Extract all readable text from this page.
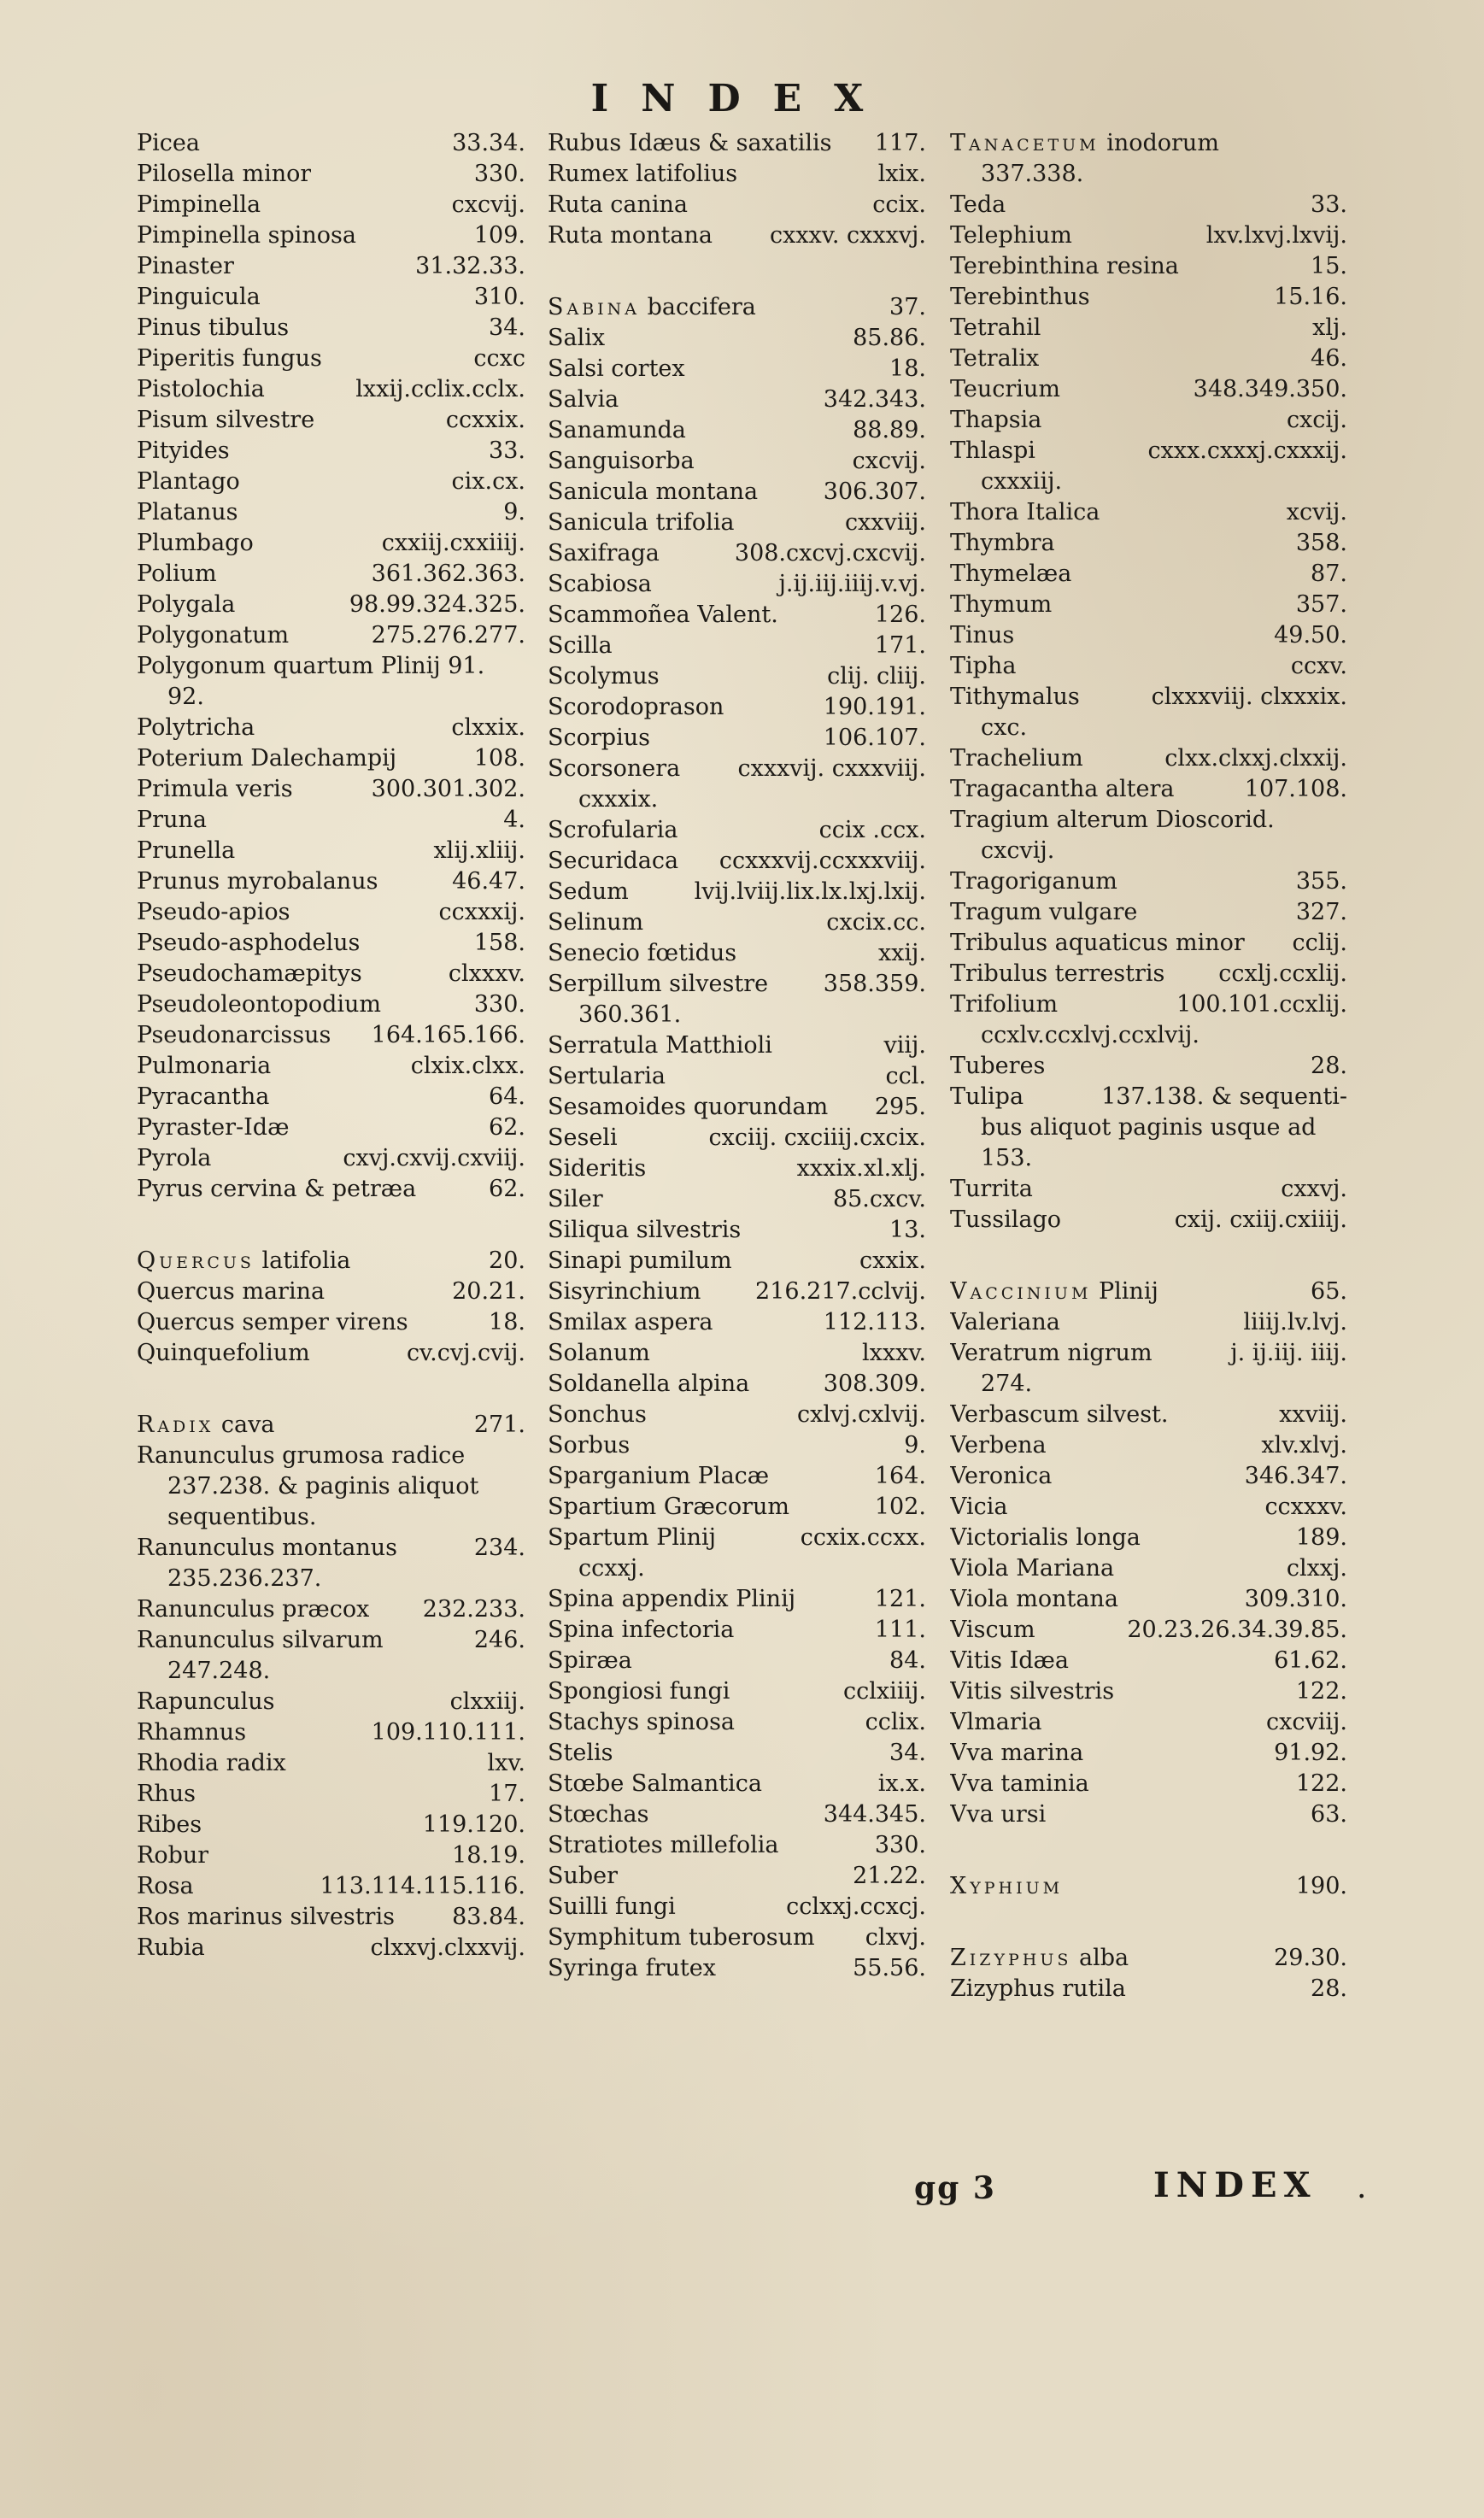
INDEX
Picea	33.34.
Pilosella minor	330.
Pimpinella	cxcvij.
Pimpinella spinosa	109.
Pinaster	31.32.33.
Pinguicula	310.
Pinus tibulus	34.
Piperitis fungus	ccxc
Pistolochia	lxxij.cclix.cclx.
Pisum silvestre	ccxxix.
Pityides	33.
Plantago	cix.cx.
Platanus	9.
Plumbago	cxxiij.cxxiiij.
Polium	361.362.363.
Polygala	98.99.324.325.
Polygonatum	275.276.277.
Polygonum quartum Plinij 91.
92.
Polytricha	clxxix.
Poterium Dalechampij	108.
Primula veris	300.301.302.
Pruna	4.
Prunella	xlij.xliij.
Prunus myrobalanus	46.47.
Pseudo-apios	ccxxxij.
Pseudo-asphodelus	158.
Pseudochamæpitys	clxxxv.
Pseudoleontopodium	330.
Pseudonarcissus 164.165.166.
Pulmonaria	clxix.clxx.
Pyracantha	64.
Pyraster-Idæ	62.
Pyrola	cxvj.cxvij.cxviij.
Pyrus cervina & petræa	62.
Quercus latifolia	20.
Quercus marina	20.21.
Quercus semper virens	18.
Quinquefolium	cv.cvj.cvij.
Radix cava	271.
Ranunculus grumosa radice
237.238. & paginis aliquot
sequentibus.
Ranunculus montanus	234.
235.236.237.
Ranunculus præcox 232.233.
Ranunculus silvarum	246.
247.248.
Rapunculus	clxxiij.
Rhamnus	109.110.111.
Rhodia radix	lxv.
Rhus	17.
Ribes	119.120.
Robur	18.19.
Rosa	113.114.115.116.
Ros marinus silvestris 83.84.
Rubia	clxxvj.clxxvij.
Rubus Idæus & saxatilis 117.
Rumex latifolius	lxix.
Ruta canina	ccix.
Ruta montana cxxxv. cxxxvj.
Sabina baccifera	37.
Salix	85.86.
Salsi cortex	18.
Salvia	342.343.
Sanamunda	88.89.
Sanguisorba	cxcvij.
Sanicula montana	306.307.
Sanicula trifolia	cxxviij.
Saxifraga	308.cxcvj.cxcvij.
Scabiosa	j.ij.iij.iiij.v.vj.
Scammoñea Valent.	126.
Scilla	171.
Scolymus	clij. cliij.
Scorodoprason	190.191.
Scorpius	106.107.
Scorsonera cxxxvij. cxxxviij.
cxxxix.
Scrofularia	ccix .ccx.
Securidaca ccxxxvij.ccxxxviij.
Sedum	lvij.lviij.lix.lx.lxj.lxij.
Selinum	cxcix.cc.
Senecio fœtidus	xxij.
Serpillum silvestre 358.359.
360.361.
Serratula Matthioli	viij.
Sertularia	ccl.
Sesamoides quorundam 295.
Seseli	cxciij. cxciiij.cxcix.
Sideritis	xxxix.xl.xlj.
Siler	85.cxcv.
Siliqua silvestris	13.
Sinapi pumilum	cxxix.
Sisyrinchium 216.217.cclvij.
Smilax aspera	112.113.
Solanum	lxxxv.
Soldanella alpina	308.309.
Sonchus	cxlvj.cxlvij.
Sorbus	9.
Sparganium Placæ	164.
Spartium Græcorum	102.
Spartum Plinij	ccxix.ccxx.
ccxxj.
Spina appendix Plinij	121.
Spina infectoria	111.
Spiræa	84.
Spongiosi fungi	cclxiiij.
Stachys spinosa	cclix.
Stelis	34.
Stœbe Salmantica	ix.x.
Stœchas	344.345.
Stratiotes millefolia	330.
Suber	21.22.
Suilli fungi	cclxxj.ccxcj.
Symphitum tuberosum clxvj.
Syringa frutex	55.56.
Tanacetum inodorum
337.338.
Teda	33.
Telephium	lxv.lxvj.lxvij.
Terebinthina resina	15.
Terebinthus	15.16.
Tetrahil	xlj.
Tetralix	46.
Teucrium	348.349.350.
Thapsia	cxcij.
Thlaspi	cxxx.cxxxj.cxxxij.
cxxxiij.
Thora Italica	xcvij.
Thymbra	358.
Thymelæa	87.
Thymum	357.
Tinus	49.50.
Tipha	ccxv.
Tithymalus	clxxxviij. clxxxix.
cxc.
Trachelium	clxx.clxxj.clxxij.
Tragacantha altera	107.108.
Tragium alterum Dioscorid.
cxcvij.
Tragoriganum	355.
Tragum vulgare	327.
Tribulus aquaticus minor cclij.
Tribulus terrestris ccxlj.ccxlij.
Trifolium	100.101.ccxlij.
ccxlv.ccxlvj.ccxlvij.
Tuberes	28.
Tulipa	137.138. & sequenti-
bus aliquot paginis usque ad
153.
Turrita	cxxvj.
Tussilago	cxij. cxiij.cxiiij.
Vaccinium Plinij	65.
Valeriana	liiij.lv.lvj.
Veratrum nigrum	j. ij.iij. iiij.
274.
Verbascum silvest.	xxviij.
Verbena	xlv.xlvj.
Veronica	346.347.
Vicia	ccxxxv.
Victorialis longa	189.
Viola Mariana	clxxj.
Viola montana	309.310.
Viscum	20.23.26.34.39.85.
Vitis Idæa	61.62.
Vitis silvestris	122.
Vlmaria	cxcviij.
Vva marina	91.92.
Vva taminia	122.
Vva ursi	63.
Xyphium	190.
Zizyphus alba	29.30.
Zizyphus rutila	28.
gg 3	INDEX .
